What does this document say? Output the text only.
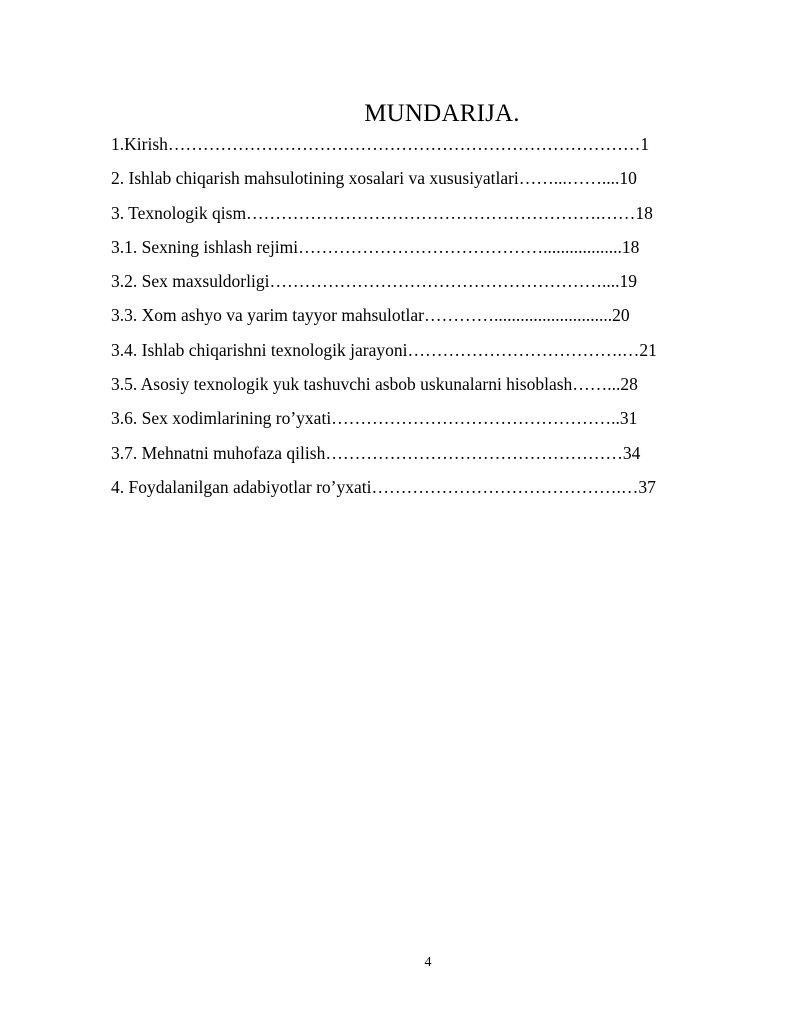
MUNDARIJA.
1.Kirish………………………………………………………………………1
2. Ishlab chiqarish mahsulotining xosalari va xususiyatlari……...……....10
3. Texnologik qism…………………………………………………….……18
3.1. Sexning ishlash rejimi……………………………………..................18
3.2. Sex maxsuldorligi…………………………………………………....19
3.3. Xom ashyo va yarim tayyor mahsulotlar…………...........................20
3.4. Ishlab chiqarishni texnologik jarayoni……………………………….…21
3.5. Asosiy texnologik yuk tashuvchi asbob uskunalarni hisoblash……...28
3.6. Sex xodimlarining ro’yxati…………………………………………..31
3.7. Mehnatni muhofaza qilish……………………………………………34
4. Foydalanilgan adabiyotlar ro’yxati…………………………………….…37
4
